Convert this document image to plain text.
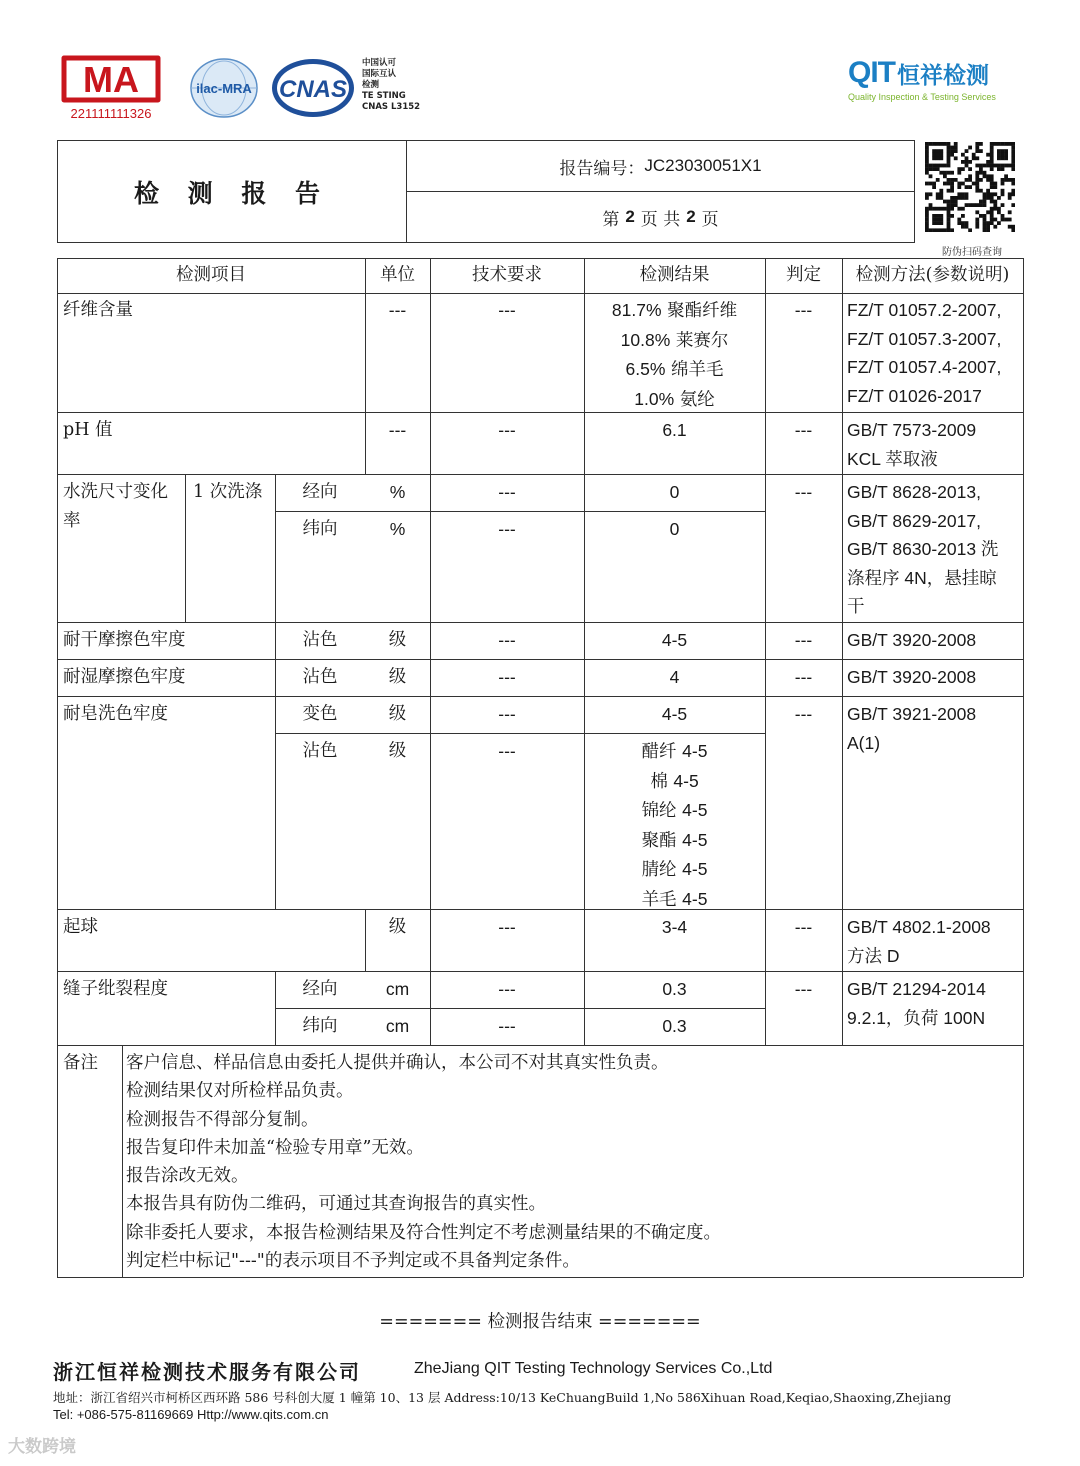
MA
221111111326
ilac-MRA CNAS
中国认可
国际互认
检测
TE STING
CNAS L3152
QIT 恒祥检测
Quality Inspection & Testing Services
检 测 报 告
报告编号： JC23030051X1
第 2 页 共 2 页
防伪扫码查询
检测项目	单位	技术要求	检测结果	判定	检测方法(参数说明)
纤维含量	---	---	81.7% 聚酯纤维
10.8% 莱赛尔
6.5% 绵羊毛
1.0% 氨纶
---	FZ/T 01057.2-2007,
FZ/T 01057.3-2007,
FZ/T 01057.4-2007,
FZ/T 01026-2017
pH 值	---	---	6.1	---	GB/T 7573-2009
KCL 萃取液
水洗尺寸变化
率
1 次洗涤	经向	%	---	0
纬向	%	---	0
---	GB/T 8628-2013,
GB/T 8629-2017,
GB/T 8630-2013 洗
涤程序 4N，悬挂晾
干
耐干摩擦色牢度	沾色	级	---	4-5	---	GB/T 3920-2008
耐湿摩擦色牢度	沾色	级	---	4	---	GB/T 3920-2008
耐皂洗色牢度	变色	级	---	4-5
沾色	级	---	醋纤 4-5
棉 4-5
锦纶 4-5
聚酯 4-5
腈纶 4-5
羊毛 4-5
---	GB/T 3921-2008
A(1)
起球	级	---	3-4	---	GB/T 4802.1-2008
方法 D
缝子纰裂程度	经向	cm	---	0.3
纬向	cm	---	0.3
---	GB/T 21294-2014
9.2.1，负荷 100N
备注 客户信息、样品信息由委托人提供并确认，本公司不对其真实性负责。
检测结果仅对所检样品负责。
检测报告不得部分复制。
报告复印件未加盖“检验专用章”无效。
报告涂改无效。
本报告具有防伪二维码，可通过其查询报告的真实性。
除非委托人要求，本报告检测结果及符合性判定不考虑测量结果的不确定度。
判定栏中标记"---"的表示项目不予判定或不具备判定条件。
======= 检测报告结束 =======
浙江恒祥检测技术服务有限公司	ZheJiang QIT Testing Technology Services Co.,Ltd
地址：浙江省绍兴市柯桥区西环路 586 号科创大厦 1 幢第 10、13 层 Address:10/13 KeChuangBuild 1,No 586Xihuan Road,Keqiao,Shaoxing,Zhejiang
Tel: +086-575-81169669 Http://www.qits.com.cn
大数跨境
